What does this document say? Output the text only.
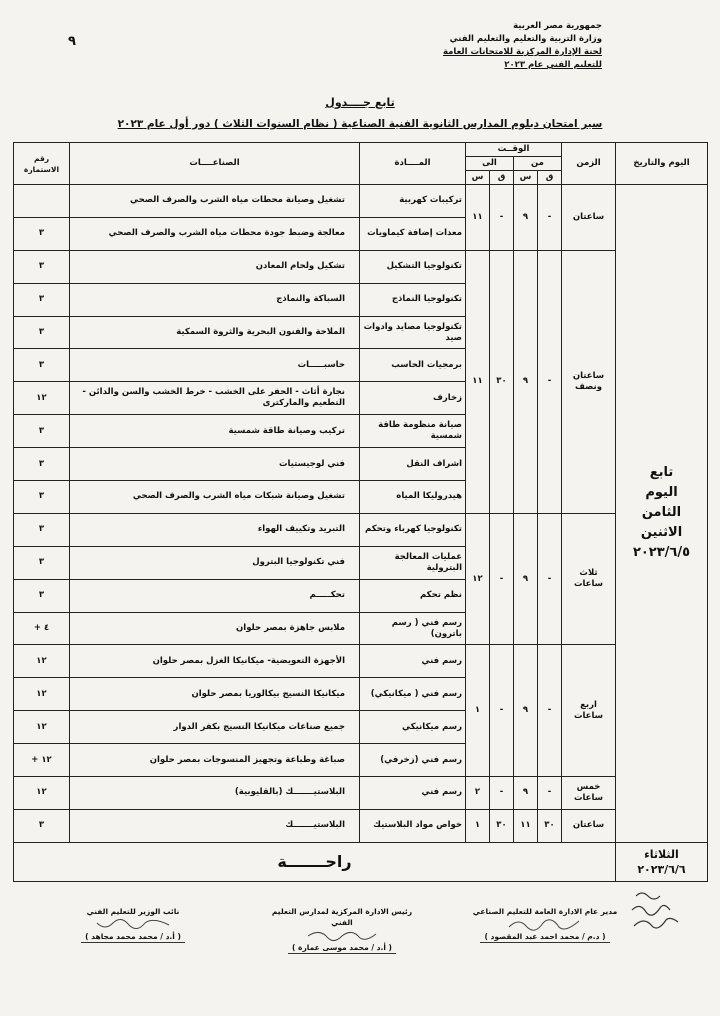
٩
جمهورية مصر العربية
وزارة التربية والتعليم والتعليم الفني
لجنة الإدارة المركزية للامتحانات العامة
للتعليم الفني عام ٢٠٢٣
تابع جــــدول
سير امتحان دبلوم المدارس الثانوية الفنية الصناعية ( نظام السنوات الثلاث ) دور أول عام ٢٠٢٣
اليوم والتاريخ	الزمن	الوقــت				المــــادة	الصناعــــات	رقم الاستمارة
		من		الى				
		ق	س	ق	س			

تابع
اليوم
الثامن
الاثنين
٢٠٢٣/٦/٥	ساعتان	-	٩	-	١١	تركيبات كهربية	تشغيل وصيانة محطات مياه الشرب والصرف الصحي	
						معدات إضافة كيماويات	معالجة وضبط جودة محطات مياه الشرب والصرف الصحي	٣
	ساعتان ونصف	-	٩	٣٠	١١	تكنولوجيا التشكيل	تشكيل ولحام المعادن	٣
						تكنولوجيا النماذج	السباكة والنماذج	٣
						تكنولوجيا مصايد وادوات صيد	الملاحة والفنون البحرية والثروة السمكية	٣
						برمجيات الحاسب	حاسبـــــات	٣
						زخارف	نجارة أثاث - الحفر على الخشب - خرط الخشب والسن والدائن - التطعيم والماركترى	١٢
						صيانة منظومة طاقة شمسية	تركيب وصيانة طاقة شمسية	٣
						اشراف النقل	فني لوجيستيات	٣
						هيدروليكا المياه	تشغيل وصيانة شبكات مياه الشرب والصرف الصحي	٣
	ثلاث ساعات	-	٩	-	١٢	تكنولوجيا كهرباء وتحكم	التبريد وتكييف الهواء	٣
						عمليات المعالجة البترولية	فني تكنولوجيا البترول	٣
						نظم تحكم	تحكـــــم	٣
						رسم فني ( رسم باترون)	ملابس جاهزة بمصر حلوان	٤ +
	اربع ساعات	-	٩	-	١	رسم فني	الأجهزة التعويضية- ميكانيكا الغزل بمصر حلوان	١٢
						رسم فني ( ميكانيكي)	ميكانيكا النسيج بيكالوريا بمصر حلوان	١٢
						رسم ميكانيكي	جميع صناعات ميكانيكا النسيج بكفر الدوار	١٢
						رسم فني (زخرفي)	صباغة وطباعة وتجهيز المنسوجات بمصر حلوان	١٢ +
	خمس ساعات	-	٩	-	٢	رسم فني	البلاستيـــــــك (بالقليوبية)	١٢
	ساعتان	٣٠	١١	٣٠	١	خواص مواد البلاستيك	البلاستيـــــــك	٣

الثلاثاء
٢٠٢٣/٦/٦	راحـــــــة							
مدير عام الادارة العامة للتعليم الصناعي
( د.م / محمد احمد عبد المقصود )
رئيس الادارة المركزية لمدارس التعليم الفني
( أ.د / محمد موسى عمارة )
نائب الوزير للتعليم الفني
( أ.د / محمد محمد مجاهد )
